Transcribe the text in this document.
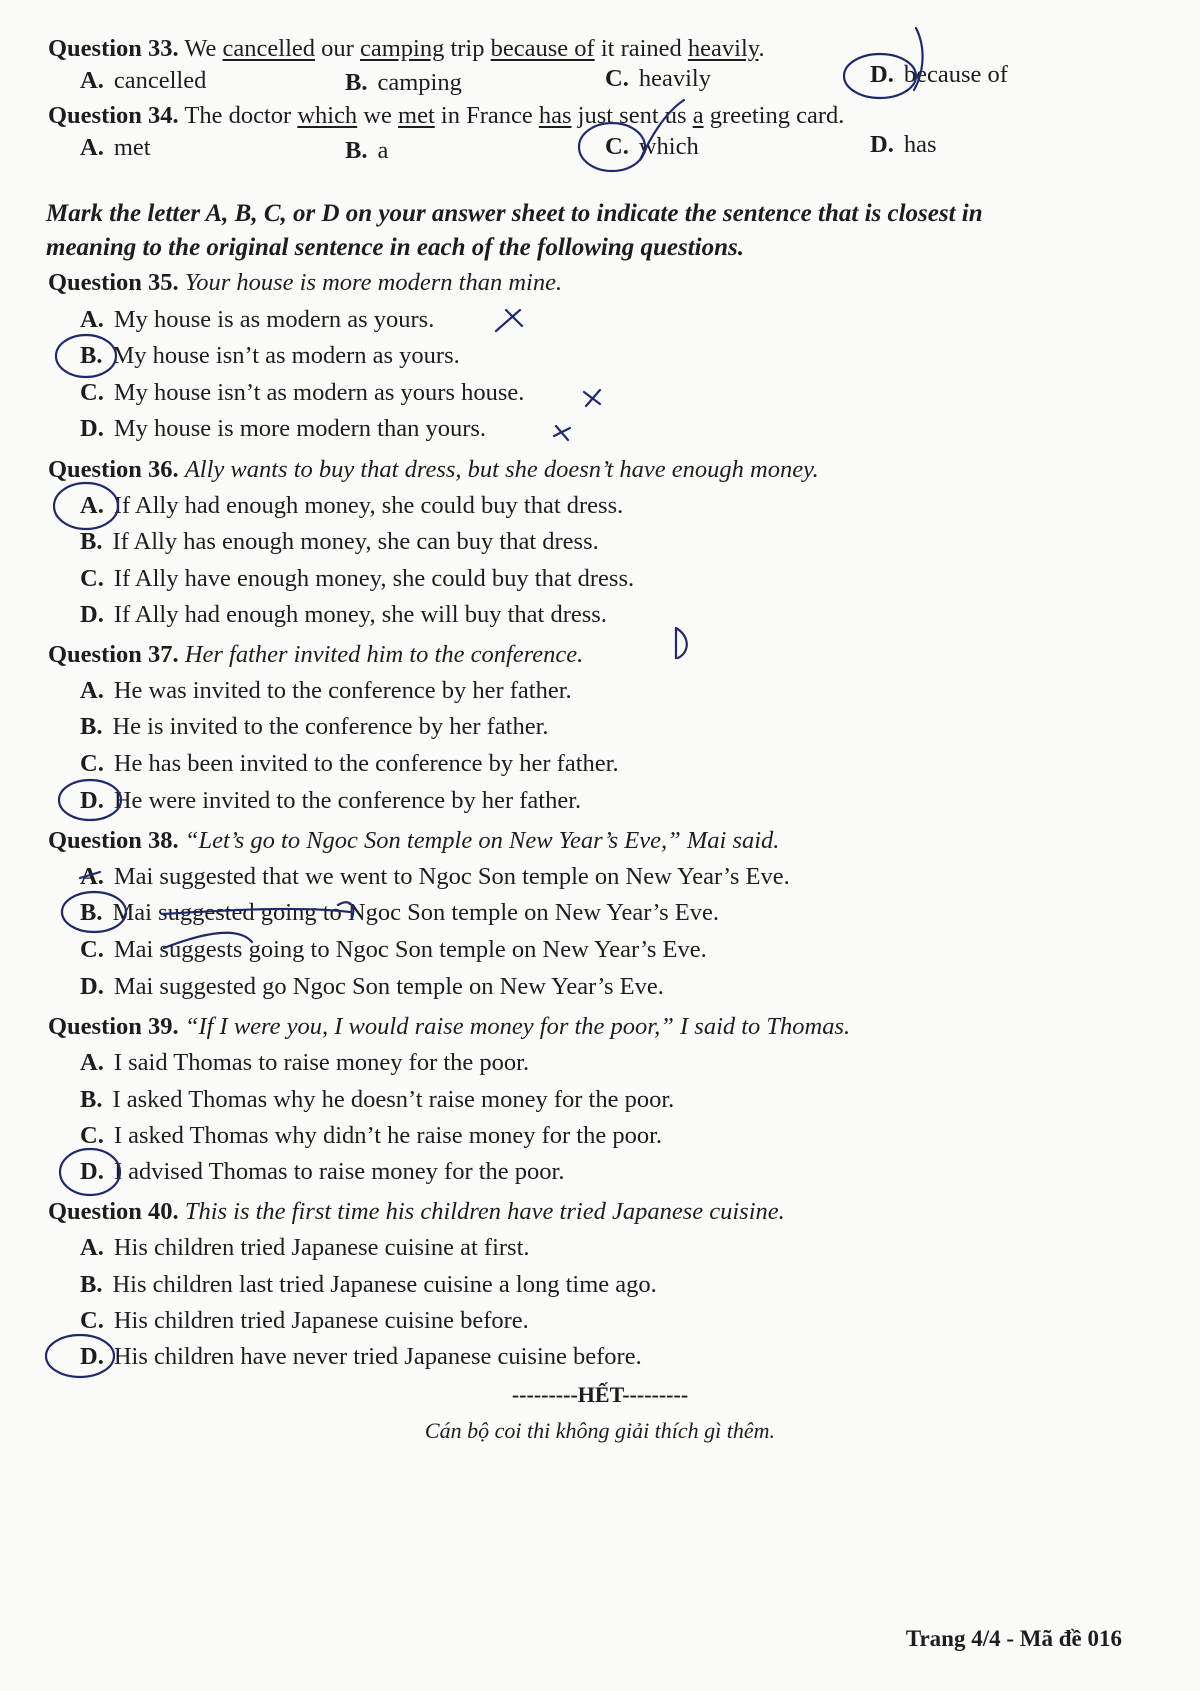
Question 33. We cancelled our camping trip because of it rained heavily.
A. cancelled	B. camping	C. heavily	D. because of
Question 34. The doctor which we met in France has just sent us a greeting card.
A. met	B. a	C. which	D. has
Mark the letter A, B, C, or D on your answer sheet to indicate the sentence that is closest in
meaning to the original sentence in each of the following questions.
Question 35. Your house is more modern than mine.
A. My house is as modern as yours.
B. My house isn’t as modern as yours.
C. My house isn’t as modern as yours house.
D. My house is more modern than yours.
Question 36. Ally wants to buy that dress, but she doesn’t have enough money.
A. If Ally had enough money, she could buy that dress.
B. If Ally has enough money, she can buy that dress.
C. If Ally have enough money, she could buy that dress.
D. If Ally had enough money, she will buy that dress.
Question 37. Her father invited him to the conference.
A. He was invited to the conference by her father.
B. He is invited to the conference by her father.
C. He has been invited to the conference by her father.
D. He were invited to the conference by her father.
Question 38. “Let’s go to Ngoc Son temple on New Year’s Eve,” Mai said.
A. Mai suggested that we went to Ngoc Son temple on New Year’s Eve.
B. Mai suggested going to Ngoc Son temple on New Year’s Eve.
C. Mai suggests going to Ngoc Son temple on New Year’s Eve.
D. Mai suggested go Ngoc Son temple on New Year’s Eve.
Question 39. “If I were you, I would raise money for the poor,” I said to Thomas.
A. I said Thomas to raise money for the poor.
B. I asked Thomas why he doesn’t raise money for the poor.
C. I asked Thomas why didn’t he raise money for the poor.
D. I advised Thomas to raise money for the poor.
Question 40. This is the first time his children have tried Japanese cuisine.
A. His children tried Japanese cuisine at first.
B. His children last tried Japanese cuisine a long time ago.
C. His children tried Japanese cuisine before.
D. His children have never tried Japanese cuisine before.
---------HẾT---------
Cán bộ coi thi không giải thích gì thêm.
Trang 4/4 - Mã đề 016
